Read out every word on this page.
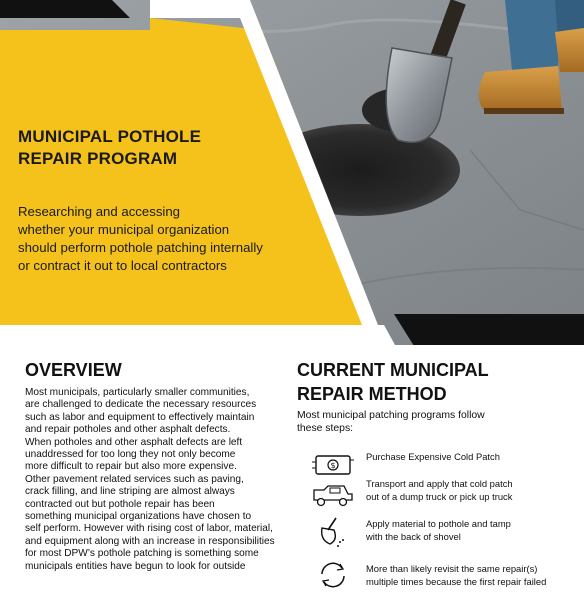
MUNICIPAL POTHOLE
REPAIR PROGRAM

Researching and accessing
whether your municipal organization
should perform pothole patching internally
or contract it out to local contractors

OVERVIEW
Most municipals, particularly smaller communities,
are challenged to dedicate the necessary resources
such as labor and equipment to effectively maintain
and repair potholes and other asphalt defects.
When potholes and other asphalt defects are left
unaddressed for too long they not only become
more difficult to repair but also more expensive.
Other pavement related services such as paving,
crack filling, and line striping are almost always
contracted out but pothole repair has been
something municipal organizations have chosen to
self perform. However with rising cost of labor, material,
and equipment along with an increase in responsibilities
for most DPW’s pothole patching is something some
municipals entities have begun to look for outside
CURRENT MUNICIPAL
REPAIR METHOD
Most municipal patching programs follow
these steps:
$
Purchase Expensive Cold Patch
Transport and apply that cold patch
out of a dump truck or pick up truck
Apply material to pothole and tamp
with the back of shovel
More than likely revisit the same repair(s)
multiple times because the first repair failed
